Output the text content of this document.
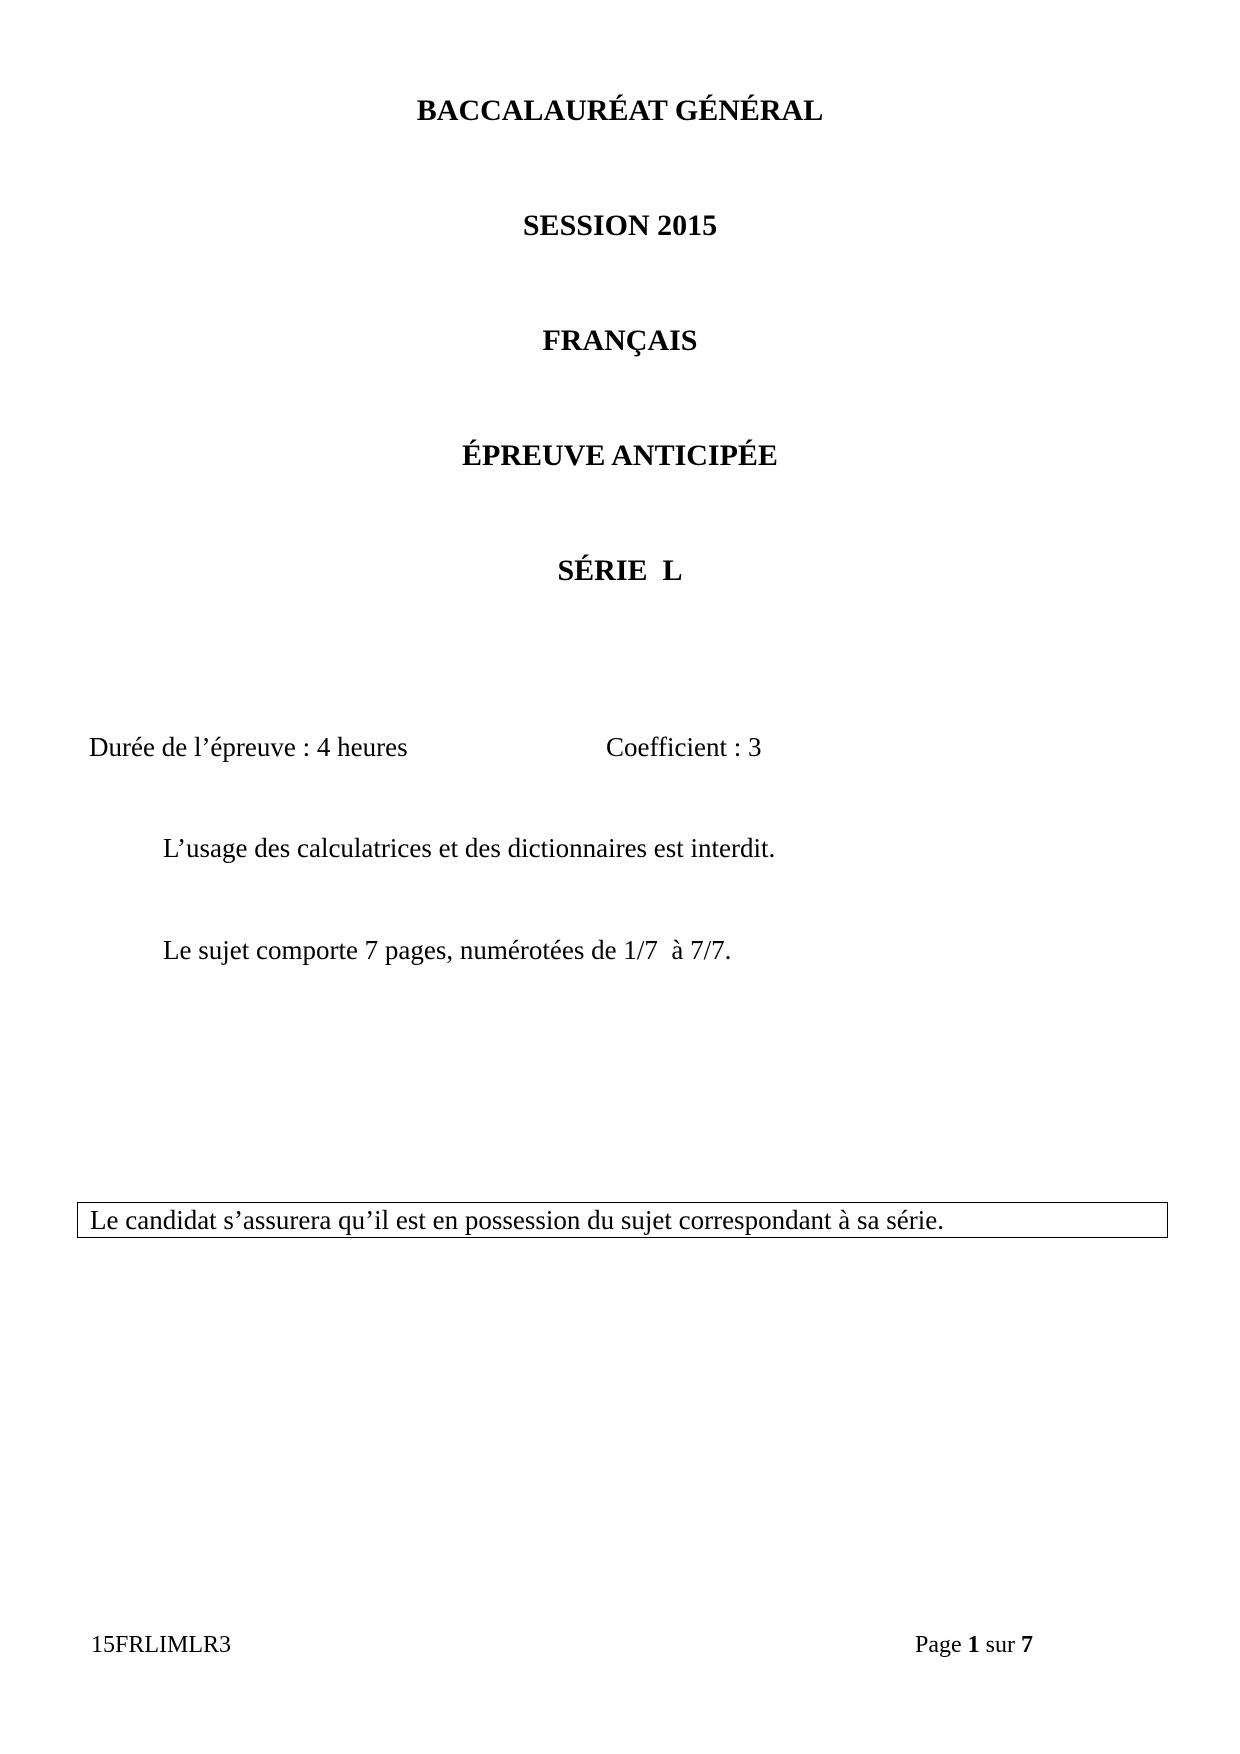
BACCALAURÉAT GÉNÉRAL
SESSION 2015
FRANÇAIS
ÉPREUVE ANTICIPÉE
SÉRIE  L

Durée de l’épreuve : 4 heures	Coefficient : 3

L’usage des calculatrices et des dictionnaires est interdit.

Le sujet comporte 7 pages, numérotées de 1/7  à 7/7.

Le candidat s’assurera qu’il est en possession du sujet correspondant à sa série.
15FRLIMLR3	Page 1 sur 7
